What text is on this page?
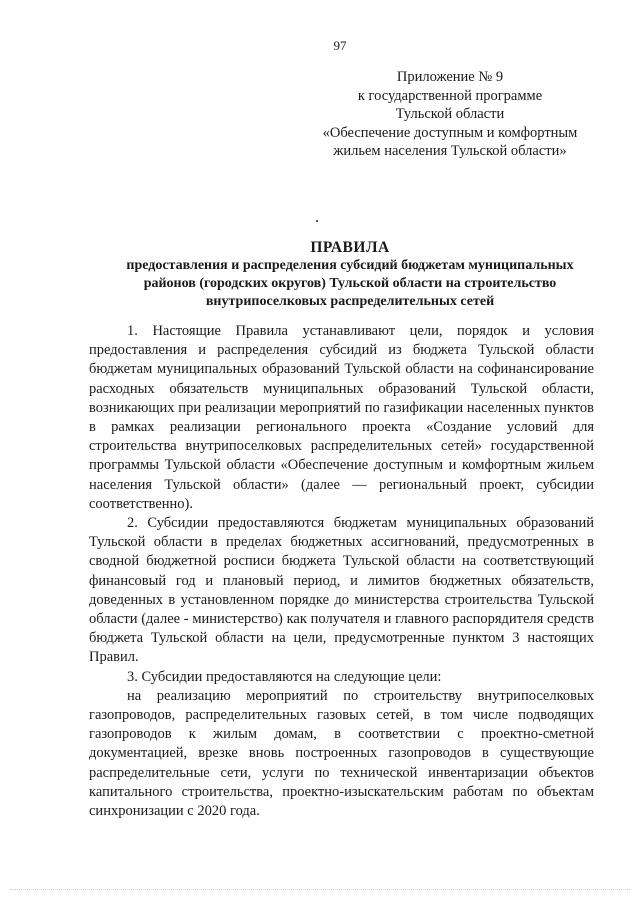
97
Приложение № 9
к государственной программе
Тульской области
«Обеспечение доступным и комфортным
жильем населения Тульской области»
ПРАВИЛА
предоставления и распределения субсидий бюджетам муниципальных
районов (городских округов) Тульской области на строительство
внутрипоселковых распределительных сетей

1. Настоящие Правила устанавливают цели, порядок и условия предоставления и распределения субсидий из бюджета Тульской области бюджетам муниципальных образований Тульской области на софинансирование расходных обязательств муниципальных образований Тульской области, возникающих при реализации мероприятий по газификации населенных пунктов в рамках реализации регионального проекта «Создание условий для строительства внутрипоселковых распределительных сетей» государственной программы Тульской области «Обеспечение доступным и комфортным жильем населения Тульской области» (далее — региональный проект, субсидии соответственно).

2. Субсидии предоставляются бюджетам муниципальных образований Тульской области в пределах бюджетных ассигнований, предусмотренных в сводной бюджетной росписи бюджета Тульской области на соответствующий финансовый год и плановый период, и лимитов бюджетных обязательств, доведенных в установленном порядке до министерства строительства Тульской области (далее - министерство) как получателя и главного распорядителя средств бюджета Тульской области на цели, предусмотренные пунктом 3 настоящих Правил.

3. Субсидии предоставляются на следующие цели:

на реализацию мероприятий по строительству внутрипоселковых газопроводов, распределительных газовых сетей, в том числе подводящих газопроводов к жилым домам, в соответствии с проектно-сметной документацией, врезке вновь построенных газопроводов в существующие распределительные сети, услуги по технической инвентаризации объектов капитального строительства, проектно-изыскательским работам по объектам синхронизации с 2020 года.
